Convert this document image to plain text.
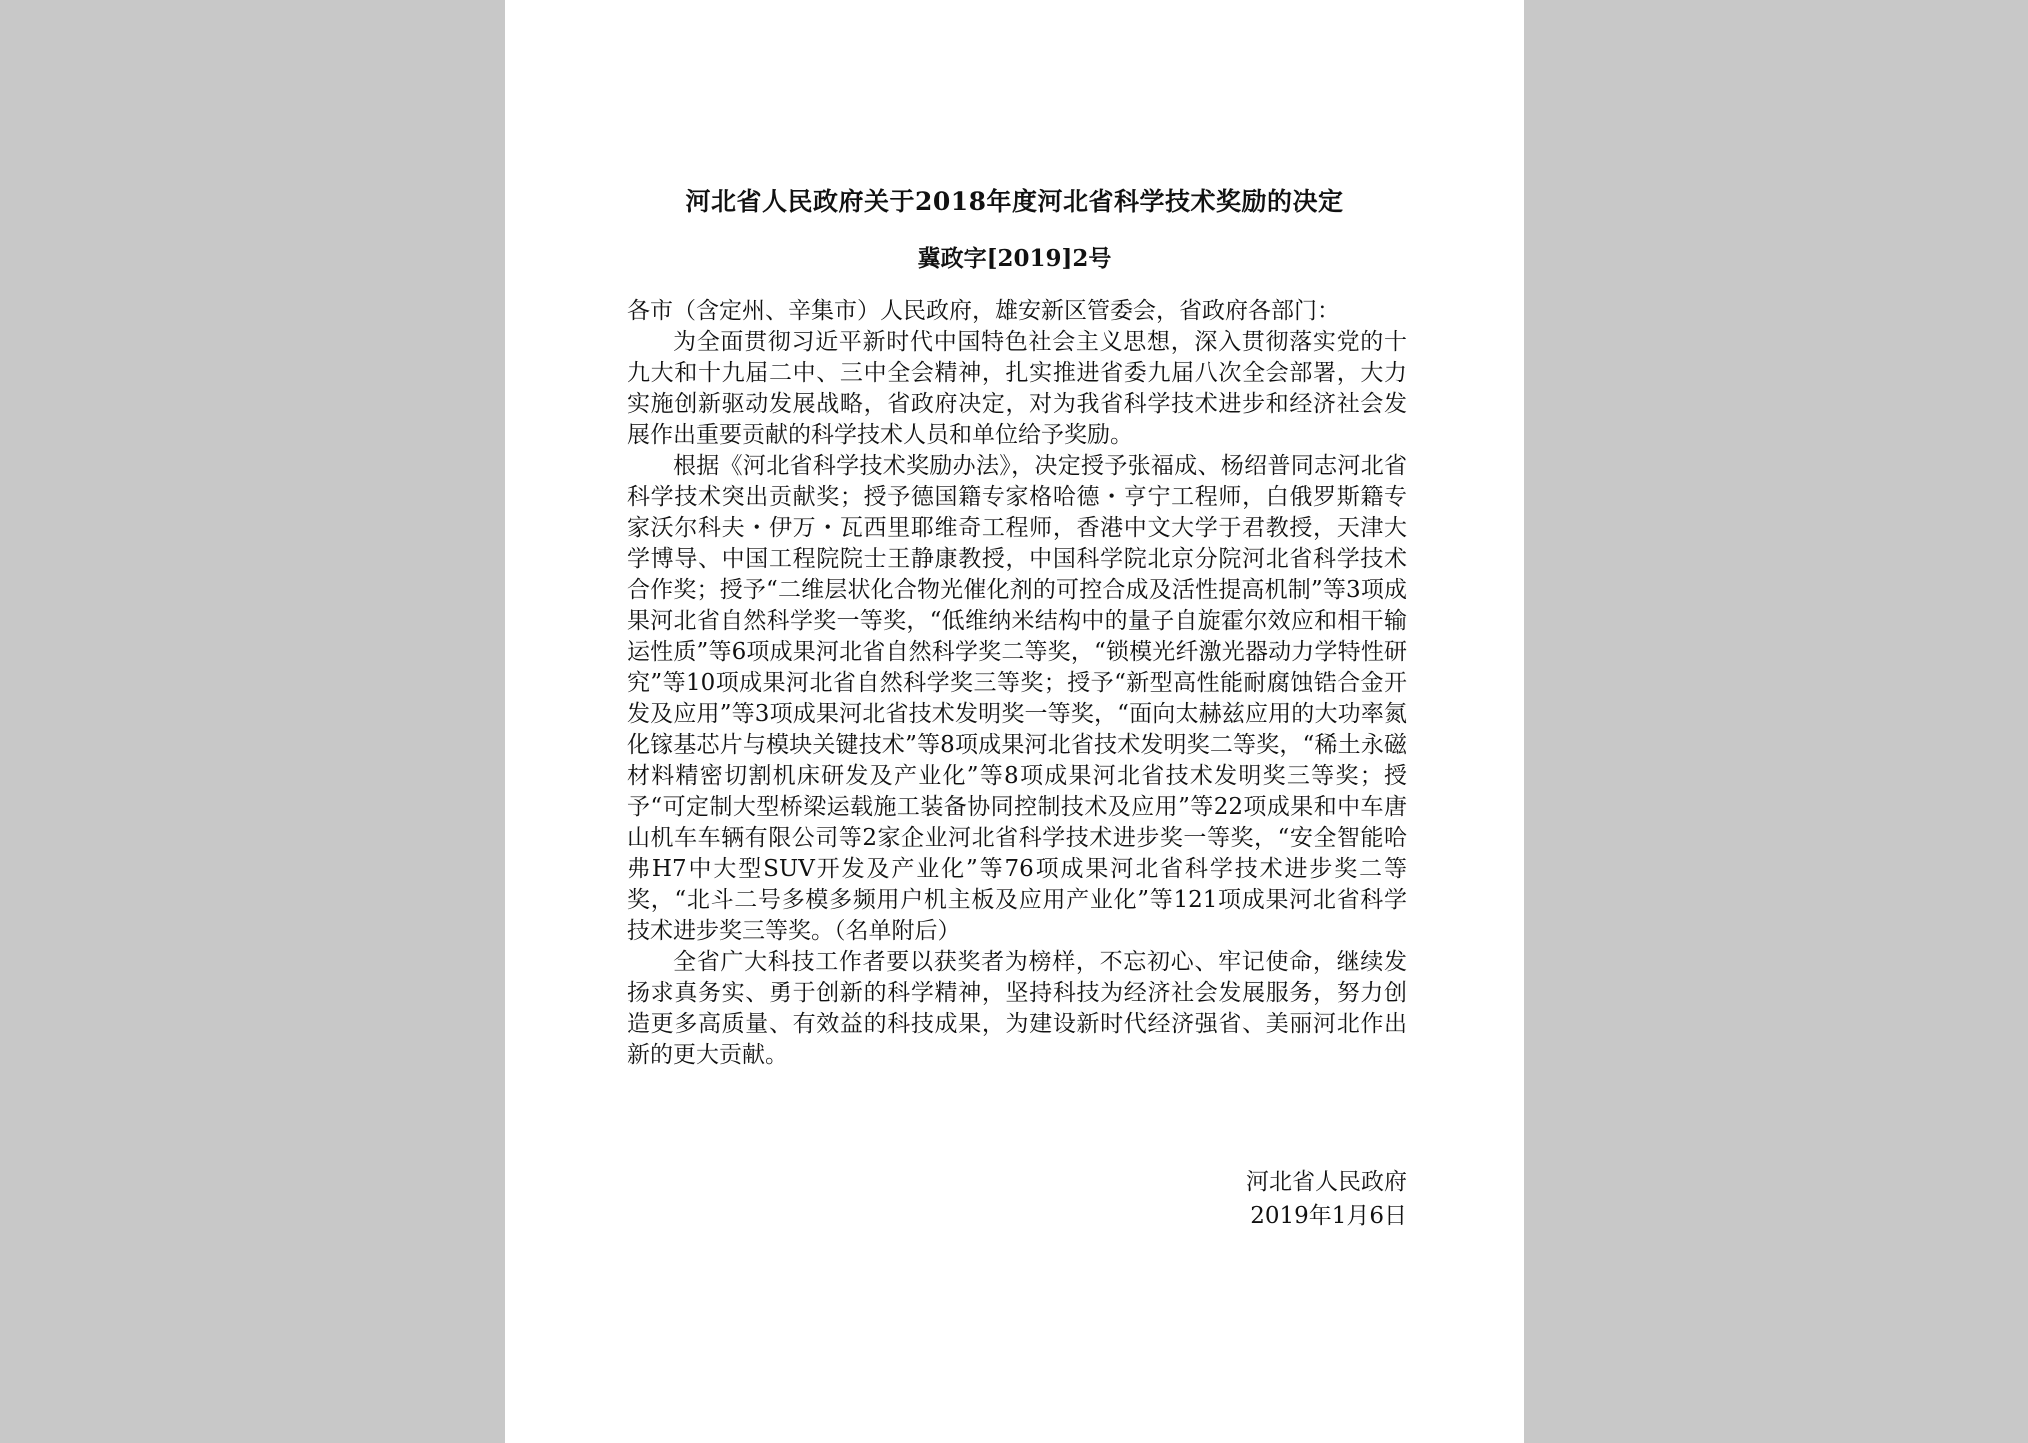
河北省人民政府关于2018年度河北省科学技术奖励的决定
冀政字[2019]2号

各市（含定州、辛集市）人民政府，雄安新区管委会，省政府各部门：

为全面贯彻习近平新时代中国特色社会主义思想，深入贯彻落实党的十九大和十九届二中、三中全会精神，扎实推进省委九届八次全会部署，大力实施创新驱动发展战略，省政府决定，对为我省科学技术进步和经济社会发展作出重要贡献的科学技术人员和单位给予奖励。

根据《河北省科学技术奖励办法》，决定授予张福成、杨绍普同志河北省科学技术突出贡献奖；授予德国籍专家格哈德・亨宁工程师，白俄罗斯籍专家沃尔科夫・伊万・瓦西里耶维奇工程师，香港中文大学于君教授，天津大学博导、中国工程院院士王静康教授，中国科学院北京分院河北省科学技术合作奖；授予“二维层状化合物光催化剂的可控合成及活性提高机制”等3项成果河北省自然科学奖一等奖，“低维纳米结构中的量子自旋霍尔效应和相干输运性质”等6项成果河北省自然科学奖二等奖，“锁模光纤激光器动力学特性研究”等10项成果河北省自然科学奖三等奖；授予“新型高性能耐腐蚀锆合金开发及应用”等3项成果河北省技术发明奖一等奖，“面向太赫兹应用的大功率氮化镓基芯片与模块关键技术”等8项成果河北省技术发明奖二等奖，“稀土永磁材料精密切割机床研发及产业化”等8项成果河北省技术发明奖三等奖；授予“可定制大型桥梁运载施工装备协同控制技术及应用”等22项成果和中车唐山机车车辆有限公司等2家企业河北省科学技术进步奖一等奖，“安全智能哈弗H7中大型SUV开发及产业化”等76项成果河北省科学技术进步奖二等奖，“北斗二号多模多频用户机主板及应用产业化”等121项成果河北省科学技术进步奖三等奖。（名单附后）

全省广大科技工作者要以获奖者为榜样，不忘初心、牢记使命，继续发扬求真务实、勇于创新的科学精神，坚持科技为经济社会发展服务，努力创造更多高质量、有效益的科技成果，为建设新时代经济强省、美丽河北作出新的更大贡献。

河北省人民政府
2019年1月6日
